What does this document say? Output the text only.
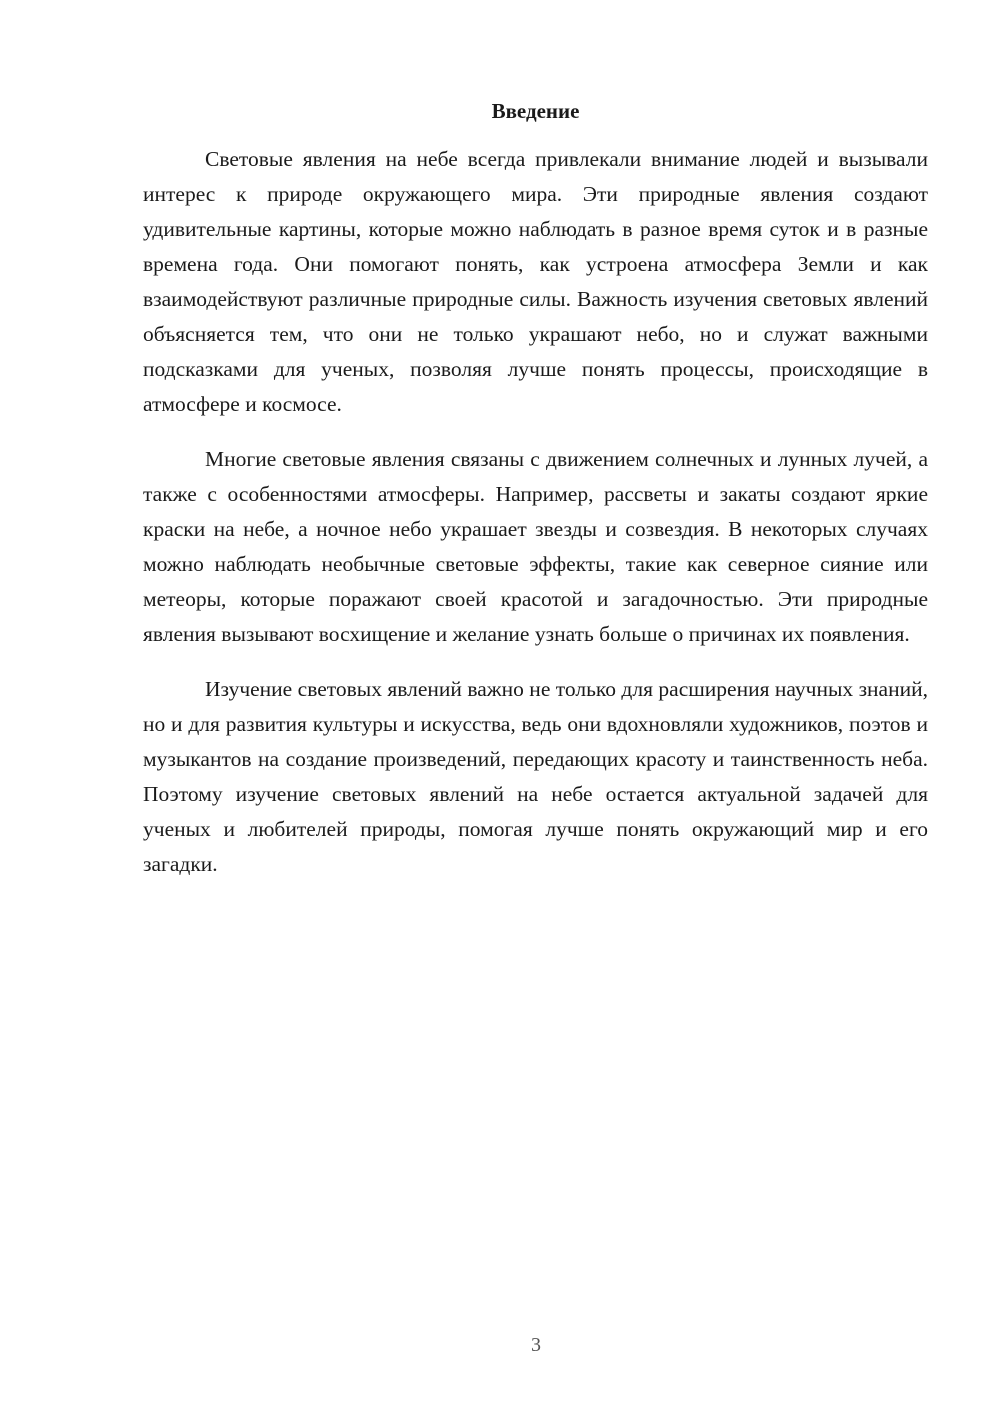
Введение

Световые явления на небе всегда привлекали внимание людей и вызывали интерес к природе окружающего мира. Эти природные явления создают удивительные картины, которые можно наблюдать в разное время суток и в разные времена года. Они помогают понять, как устроена атмосфера Земли и как взаимодействуют различные природные силы. Важность изучения световых явлений объясняется тем, что они не только украшают небо, но и служат важными подсказками для ученых, позволяя лучше понять процессы, происходящие в атмосфере и космосе.

Многие световые явления связаны с движением солнечных и лунных лучей, а также с особенностями атмосферы. Например, рассветы и закаты создают яркие краски на небе, а ночное небо украшает звезды и созвездия. В некоторых случаях можно наблюдать необычные световые эффекты, такие как северное сияние или метеоры, которые поражают своей красотой и загадочностью. Эти природные явления вызывают восхищение и желание узнать больше о причинах их появления.

Изучение световых явлений важно не только для расширения научных знаний, но и для развития культуры и искусства, ведь они вдохновляли художников, поэтов и музыкантов на создание произведений, передающих красоту и таинственность неба. Поэтому изучение световых явлений на небе остается актуальной задачей для ученых и любителей природы, помогая лучше понять окружающий мир и его загадки.

3
